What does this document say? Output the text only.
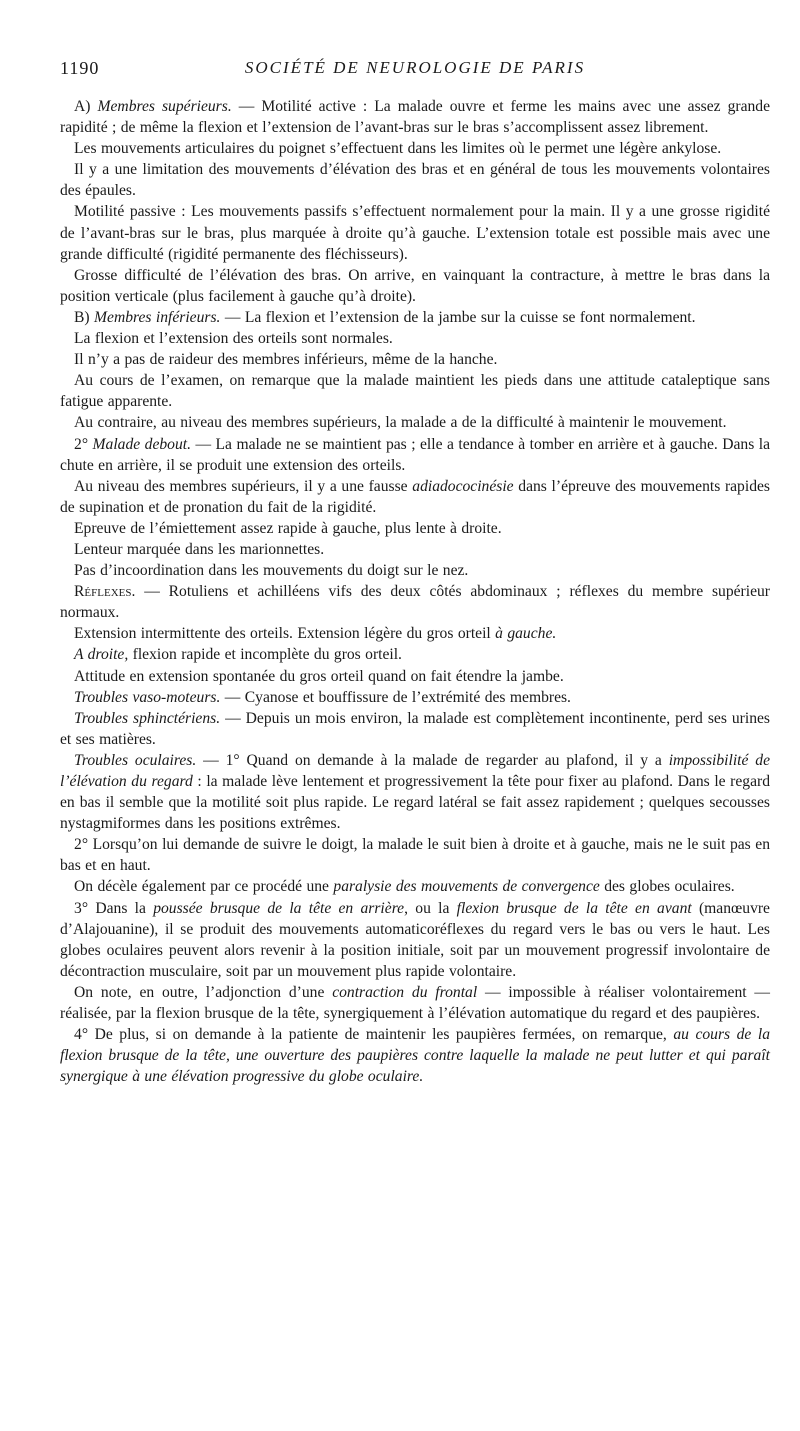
1190	SOCIÉTÉ DE NEUROLOGIE DE PARIS

A) Membres supérieurs. — Motilité active : La malade ouvre et ferme les mains avec une assez grande rapidité ; de même la flexion et l’extension de l’avant-bras sur le bras s’accomplissent assez librement.

Les mouvements articulaires du poignet s’effectuent dans les limites où le permet une légère ankylose.

Il y a une limitation des mouvements d’élévation des bras et en général de tous les mouvements volontaires des épaules.

Motilité passive : Les mouvements passifs s’effectuent normalement pour la main. Il y a une grosse rigidité de l’avant-bras sur le bras, plus marquée à droite qu’à gauche. L’extension totale est possible mais avec une grande difficulté (rigidité permanente des fléchisseurs).

Grosse difficulté de l’élévation des bras. On arrive, en vainquant la contracture, à mettre le bras dans la position verticale (plus facilement à gauche qu’à droite).

B) Membres inférieurs. — La flexion et l’extension de la jambe sur la cuisse se font normalement.

La flexion et l’extension des orteils sont normales.

Il n’y a pas de raideur des membres inférieurs, même de la hanche.

Au cours de l’examen, on remarque que la malade maintient les pieds dans une attitude cataleptique sans fatigue apparente.

Au contraire, au niveau des membres supérieurs, la malade a de la difficulté à maintenir le mouvement.

2° Malade debout. — La malade ne se maintient pas ; elle a tendance à tomber en arrière et à gauche. Dans la chute en arrière, il se produit une extension des orteils.

Au niveau des membres supérieurs, il y a une fausse adiadococinésie dans l’épreuve des mouvements rapides de supination et de pronation du fait de la rigidité.

Epreuve de l’émiettement assez rapide à gauche, plus lente à droite.

Lenteur marquée dans les marionnettes.

Pas d’incoordination dans les mouvements du doigt sur le nez.

Réflexes. — Rotuliens et achilléens vifs des deux côtés abdominaux ; réflexes du membre supérieur normaux.

Extension intermittente des orteils. Extension légère du gros orteil à gauche.

A droite, flexion rapide et incomplète du gros orteil.

Attitude en extension spontanée du gros orteil quand on fait étendre la jambe.

Troubles vaso-moteurs. — Cyanose et bouffissure de l’extrémité des membres.

Troubles sphinctériens. — Depuis un mois environ, la malade est complètement incontinente, perd ses urines et ses matières.

Troubles oculaires. — 1° Quand on demande à la malade de regarder au plafond, il y a impossibilité de l’élévation du regard : la malade lève lentement et progressivement la tête pour fixer au plafond. Dans le regard en bas il semble que la motilité soit plus rapide. Le regard latéral se fait assez rapidement ; quelques secousses nystagmiformes dans les positions extrêmes.

2° Lorsqu’on lui demande de suivre le doigt, la malade le suit bien à droite et à gauche, mais ne le suit pas en bas et en haut.

On décèle également par ce procédé une paralysie des mouvements de convergence des globes oculaires.

3° Dans la poussée brusque de la tête en arrière, ou la flexion brusque de la tête en avant (manœuvre d’Alajouanine), il se produit des mouvements automaticoréflexes du regard vers le bas ou vers le haut. Les globes oculaires peuvent alors revenir à la position initiale, soit par un mouvement progressif involontaire de décontraction musculaire, soit par un mouvement plus rapide volontaire.

On note, en outre, l’adjonction d’une contraction du frontal — impossible à réaliser volontairement — réalisée, par la flexion brusque de la tête, synergiquement à l’élévation automatique du regard et des paupières.

4° De plus, si on demande à la patiente de maintenir les paupières fermées, on remarque, au cours de la flexion brusque de la tête, une ouverture des paupières contre laquelle la malade ne peut lutter et qui paraît synergique à une élévation progressive du globe oculaire.
